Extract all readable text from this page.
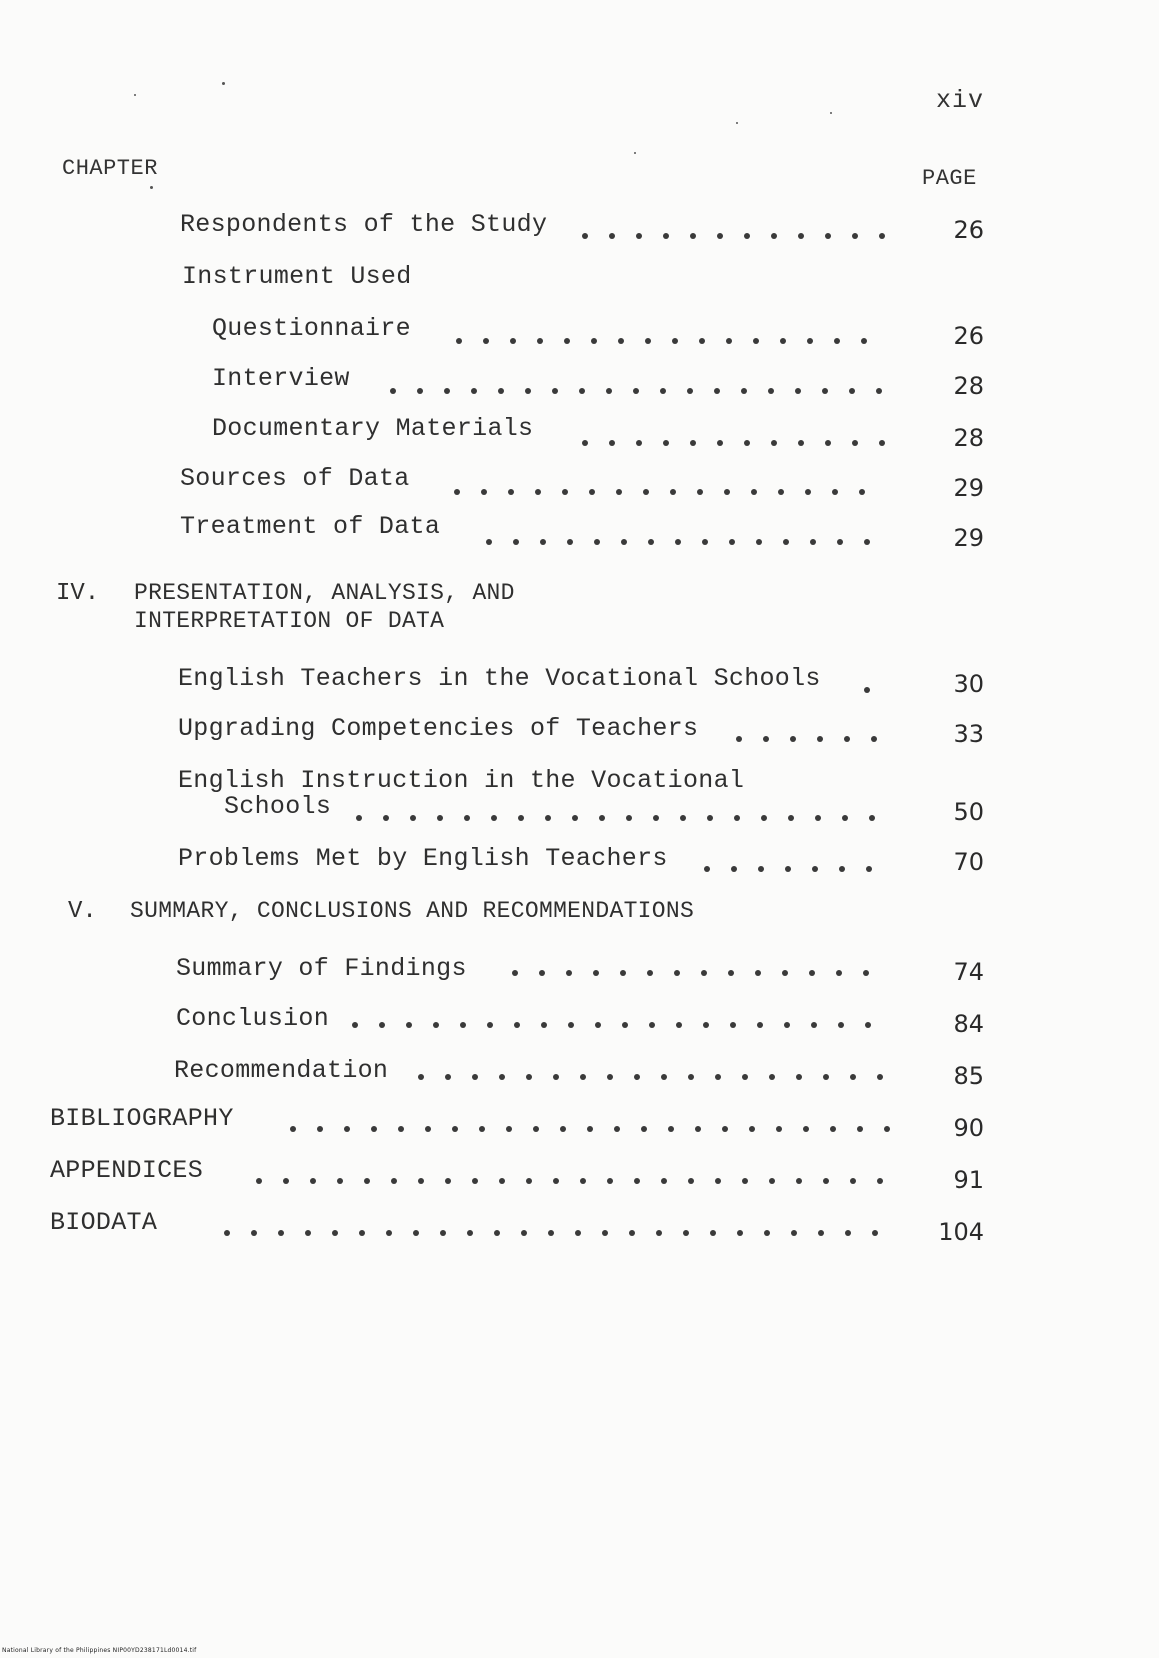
xiv
CHAPTER	PAGE
Respondents of the Study	26
Instrument Used
Questionnaire	26
Interview	28
Documentary Materials	28
Sources of Data	29
Treatment of Data	29
IV. PRESENTATION, ANALYSIS, AND
INTERPRETATION OF DATA
English Teachers in the Vocational Schools	30
Upgrading Competencies of Teachers	33
English Instruction in the Vocational
Schools	50
Problems Met by English Teachers	70
V. SUMMARY, CONCLUSIONS AND RECOMMENDATIONS
Summary of Findings	74
Conclusion	84
Recommendation	85
BIBLIOGRAPHY	90
APPENDICES	91
BIODATA	104
National Library of the Philippines NIP00YD238171Ld0014.tif
